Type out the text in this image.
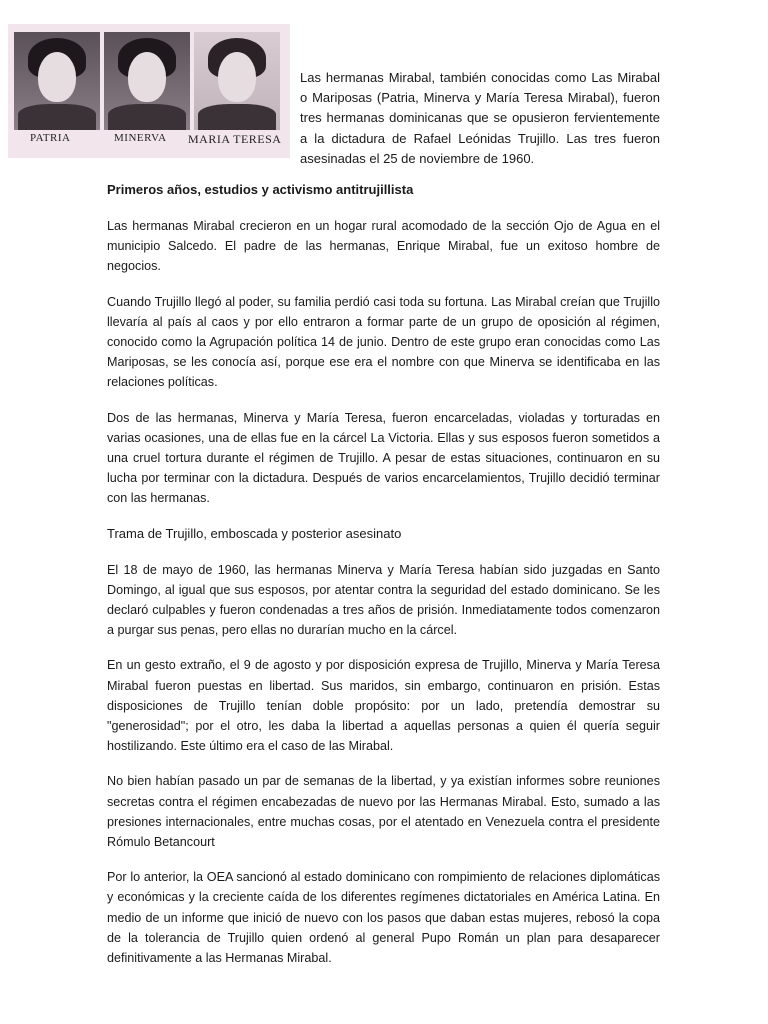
PATRIA	MINERVA MARIA TERESA

Las hermanas Mirabal, también conocidas como Las Mirabal o Mariposas (Patria, Minerva y María Teresa Mirabal), fueron tres hermanas dominicanas que se opusieron fervientemente a la dictadura de Rafael Leónidas Trujillo. Las tres fueron asesinadas el 25 de noviembre de 1960.

Primeros años, estudios y activismo antitrujillista

Las hermanas Mirabal crecieron en un hogar rural acomodado de la sección Ojo de Agua en el municipio Salcedo. El padre de las hermanas, Enrique Mirabal, fue un exitoso hombre de negocios.

Cuando Trujillo llegó al poder, su familia perdió casi toda su fortuna. Las Mirabal creían que Trujillo llevaría al país al caos y por ello entraron a formar parte de un grupo de oposición al régimen, conocido como la Agrupación política 14 de junio. Dentro de este grupo eran conocidas como Las Mariposas, se les conocía así, porque ese era el nombre con que Minerva se identificaba en las relaciones políticas.

Dos de las hermanas, Minerva y María Teresa, fueron encarceladas, violadas y torturadas en varias ocasiones, una de ellas fue en la cárcel La Victoria. Ellas y sus esposos fueron sometidos a una cruel tortura durante el régimen de Trujillo. A pesar de estas situaciones, continuaron en su lucha por terminar con la dictadura. Después de varios encarcelamientos, Trujillo decidió terminar con las hermanas.

Trama de Trujillo, emboscada y posterior asesinato

El 18 de mayo de 1960, las hermanas Minerva y María Teresa habían sido juzgadas en Santo Domingo, al igual que sus esposos, por atentar contra la seguridad del estado dominicano. Se les declaró culpables y fueron condenadas a tres años de prisión. Inmediatamente todos comenzaron a purgar sus penas, pero ellas no durarían mucho en la cárcel.

En un gesto extraño, el 9 de agosto y por disposición expresa de Trujillo, Minerva y María Teresa Mirabal fueron puestas en libertad. Sus maridos, sin embargo, continuaron en prisión. Estas disposiciones de Trujillo tenían doble propósito: por un lado, pretendía demostrar su "generosidad"; por el otro, les daba la libertad a aquellas personas a quien él quería seguir hostilizando. Este último era el caso de las Mirabal.

No bien habían pasado un par de semanas de la libertad, y ya existían informes sobre reuniones secretas contra el régimen encabezadas de nuevo por las Hermanas Mirabal. Esto, sumado a las presiones internacionales, entre muchas cosas, por el atentado en Venezuela contra el presidente Rómulo Betancourt

Por lo anterior, la OEA sancionó al estado dominicano con rompimiento de relaciones diplomáticas y económicas y la creciente caída de los diferentes regímenes dictatoriales en América Latina. En medio de un informe que inició de nuevo con los pasos que daban estas mujeres, rebosó la copa de la tolerancia de Trujillo quien ordenó al general Pupo Román un plan para desaparecer definitivamente a las Hermanas Mirabal.
